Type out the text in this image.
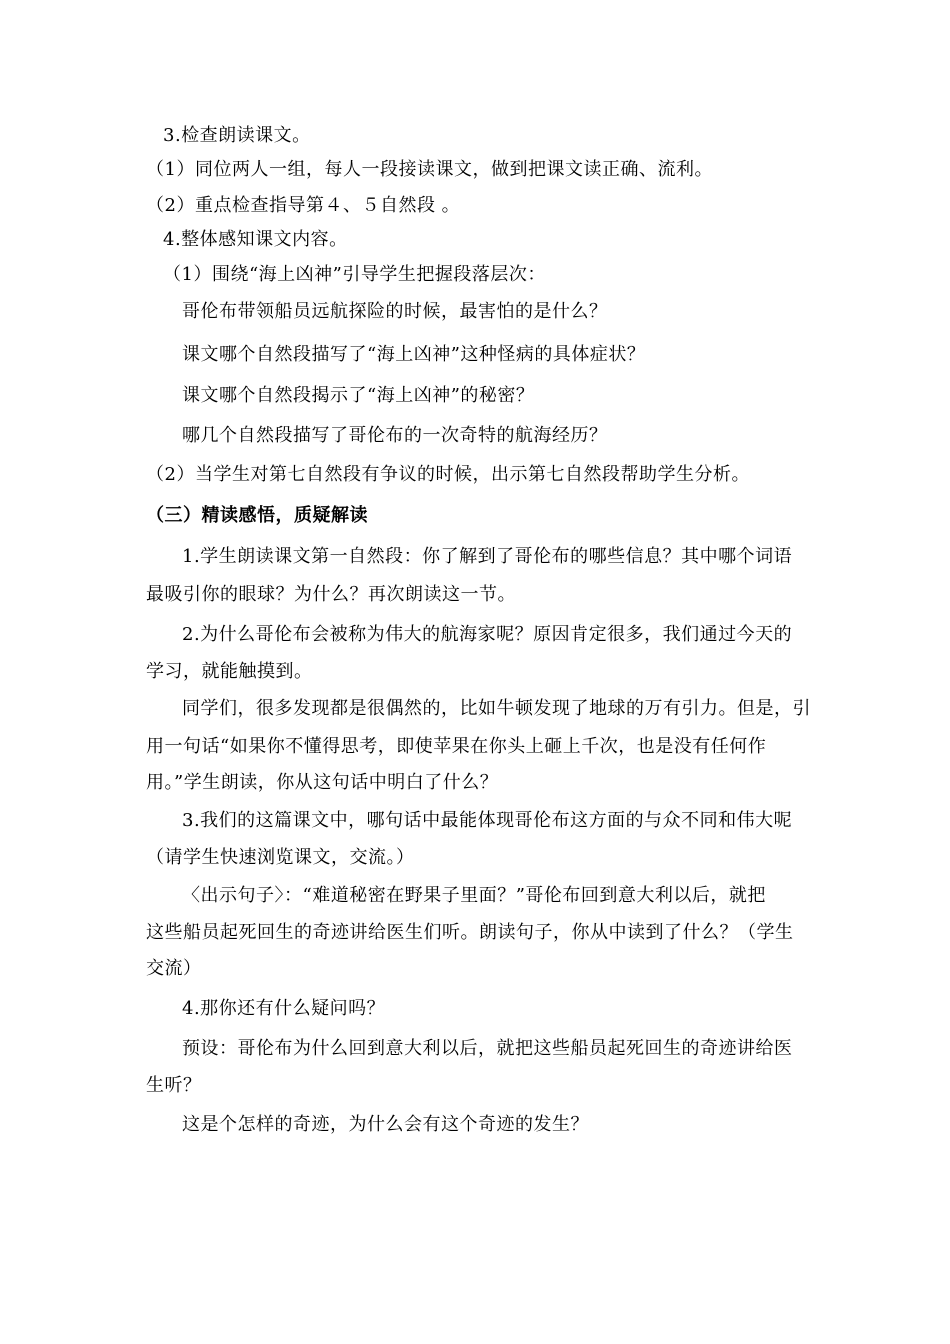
3.检查朗读课文。
（1）同位两人一组，每人一段接读课文，做到把课文读正确、流利。
（2）重点检查指导第４、５自然段 。
4.整体感知课文内容。
（1）围绕“海上凶神”引导学生把握段落层次：
哥伦布带领船员远航探险的时候，最害怕的是什么？
课文哪个自然段描写了“海上凶神”这种怪病的具体症状？
课文哪个自然段揭示了“海上凶神”的秘密？
哪几个自然段描写了哥伦布的一次奇特的航海经历？
（2）当学生对第七自然段有争议的时候，出示第七自然段帮助学生分析。
（三）精读感悟，质疑解读
1.学生朗读课文第一自然段：你了解到了哥伦布的哪些信息？其中哪个词语
最吸引你的眼球？为什么？再次朗读这一节。
2.为什么哥伦布会被称为伟大的航海家呢？原因肯定很多，我们通过今天的
学习，就能触摸到。
同学们，很多发现都是很偶然的，比如牛顿发现了地球的万有引力。但是，引
用一句话“如果你不懂得思考，即使苹果在你头上砸上千次，也是没有任何作
用。”学生朗读，你从这句话中明白了什么？
3.我们的这篇课文中，哪句话中最能体现哥伦布这方面的与众不同和伟大呢
（请学生快速浏览课文，交流。）
〈出示句子〉：“难道秘密在野果子里面？”哥伦布回到意大利以后，就把
这些船员起死回生的奇迹讲给医生们听。朗读句子，你从中读到了什么？（学生
交流）
4.那你还有什么疑问吗？
预设：哥伦布为什么回到意大利以后，就把这些船员起死回生的奇迹讲给医
生听？
这是个怎样的奇迹，为什么会有这个奇迹的发生？
